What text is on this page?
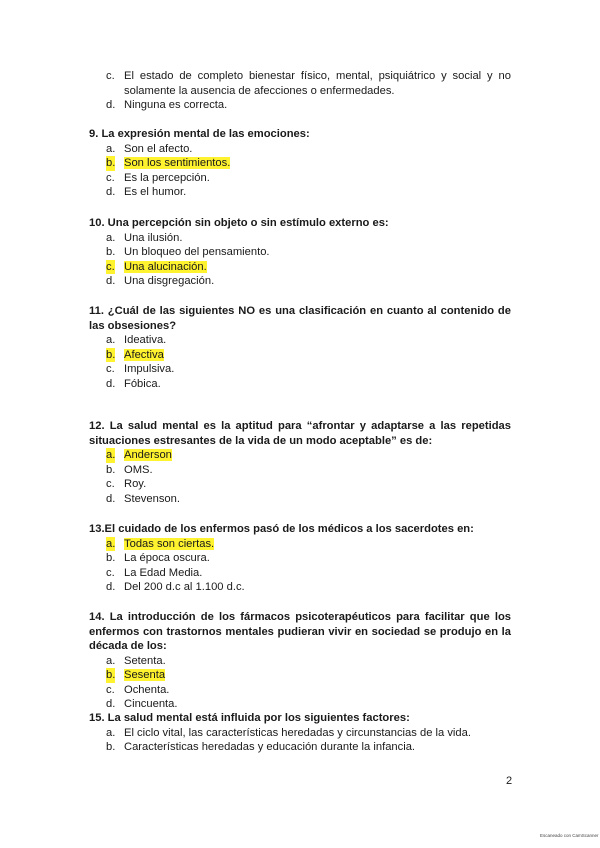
c. El estado de completo bienestar físico, mental, psiquiátrico y social y no solamente la ausencia de afecciones o enfermedades.
d. Ninguna es correcta.
9. La expresión mental de las emociones:
a. Son el afecto.
b. Son los sentimientos.
c. Es la percepción.
d. Es el humor.
10. Una percepción sin objeto o sin estímulo externo es:
a. Una ilusión.
b. Un bloqueo del pensamiento.
c. Una alucinación.
d. Una disgregación.
11. ¿Cuál de las siguientes NO es una clasificación en cuanto al contenido de las obsesiones?
a. Ideativa.
b. Afectiva
c. Impulsiva.
d. Fóbica.
12. La salud mental es la aptitud para “afrontar y adaptarse a las repetidas situaciones estresantes de la vida de un modo aceptable” es de:
a. Anderson
b. OMS.
c. Roy.
d. Stevenson.
13.El cuidado de los enfermos pasó de los médicos a los sacerdotes en:
a. Todas son ciertas.
b. La época oscura.
c. La Edad Media.
d. Del 200 d.c al 1.100 d.c.
14. La introducción de los fármacos psicoterapéuticos para facilitar que los enfermos con trastornos mentales pudieran vivir en sociedad se produjo en la década de los:
a. Setenta.
b. Sesenta
c. Ochenta.
d. Cincuenta.
15. La salud mental está influida por los siguientes factores:
a. El ciclo vital, las características heredadas y circunstancias de la vida.
b. Características heredadas y educación durante la infancia.
2
Escaneado con CamScanner
